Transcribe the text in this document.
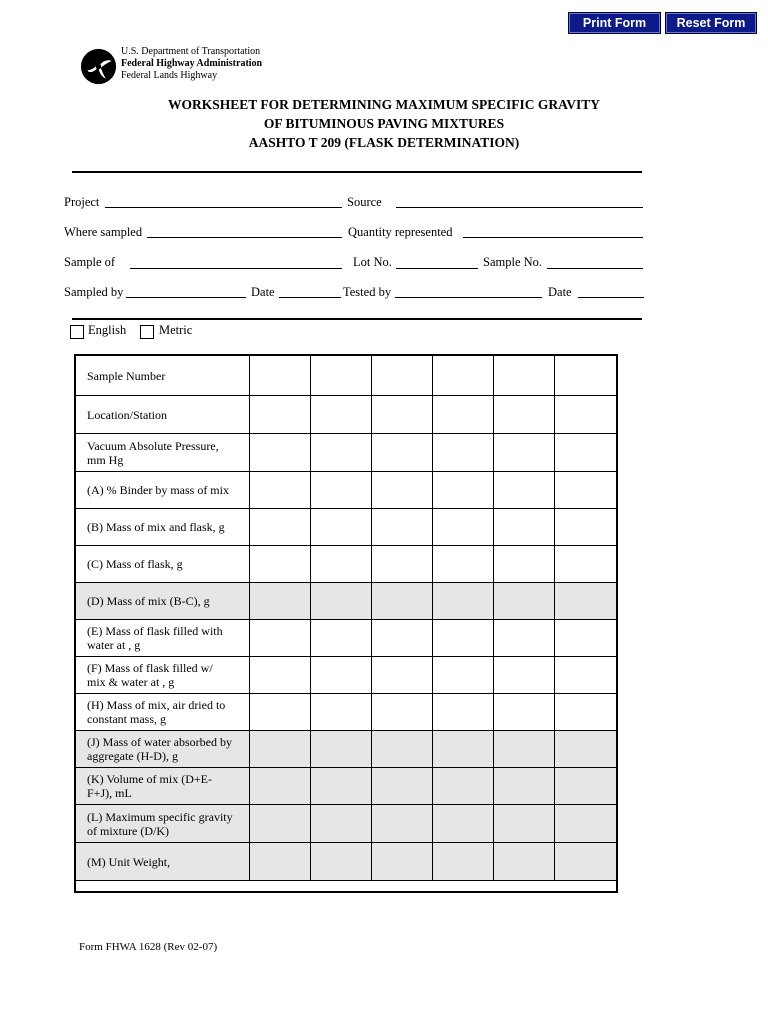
Print Form	Reset Form
U.S. Department of Transportation
Federal Highway Administration
Federal Lands Highway
WORKSHEET FOR DETERMINING MAXIMUM SPECIFIC GRAVITY
OF BITUMINOUS PAVING MIXTURES
AASHTO T 209 (FLASK DETERMINATION)
Project	Source
Where sampled	Quantity represented
Sample of	Lot No.	Sample No.
Sampled by	Date	Tested by	Date
English	Metric
Sample Number						
Location/Station						
Vacuum Absolute Pressure,
mm Hg						
(A) % Binder by mass of mix						
(B) Mass of mix and flask, g						
(C) Mass of flask, g						
(D) Mass of mix (B-C), g						
(E) Mass of flask filled with
water at , g						
(F) Mass of flask filled w/
mix & water at , g						
(H) Mass of mix, air dried to
constant mass, g						
(J) Mass of water absorbed by
aggregate (H-D), g						
(K) Volume of mix (D+E-
F+J), mL						
(L) Maximum specific gravity
of mixture (D/K)						
(M) Unit Weight,						
Form FHWA 1628 (Rev 02-07)
